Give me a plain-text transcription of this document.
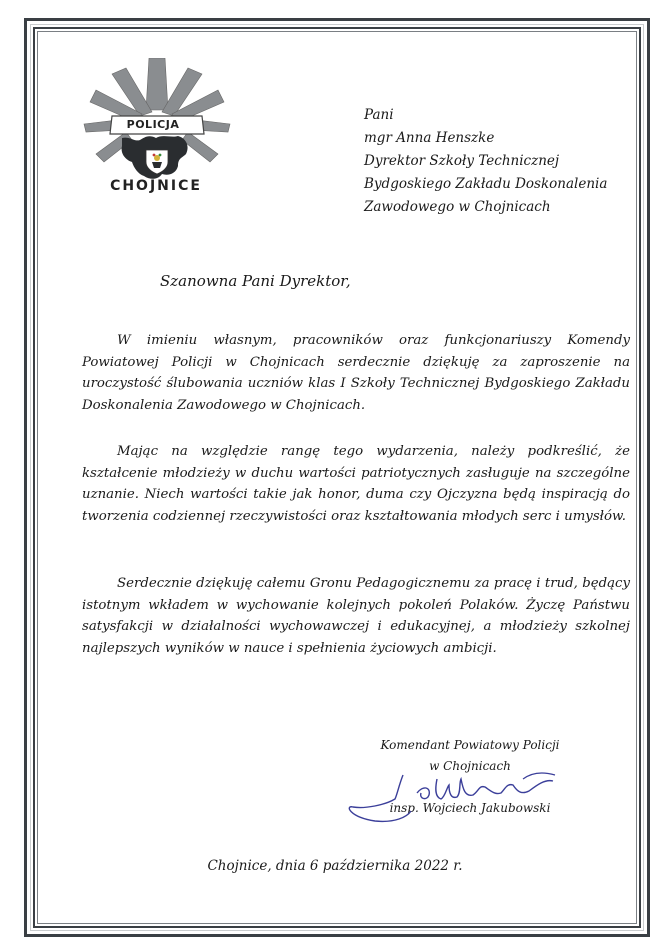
POLICJA
CHOJNICE
Pani
mgr Anna Henszke
Dyrektor Szkoły Technicznej
Bydgoskiego Zakładu Doskonalenia
Zawodowego w Chojnicach
Szanowna Pani Dyrektor,

W imieniu własnym, pracowników oraz funkcjonariuszy Komendy Powiatowej Policji w Chojnicach serdecznie dziękuję za zaproszenie na uroczystość ślubowania uczniów klas I Szkoły Technicznej Bydgoskiego Zakładu Doskonalenia Zawodowego w Chojnicach.

Mając na względzie rangę tego wydarzenia, należy podkreślić, że kształcenie młodzieży w duchu wartości patriotycznych zasługuje na szczególne uznanie. Niech wartości takie jak honor, duma czy Ojczyzna będą inspiracją do tworzenia codziennej rzeczywistości oraz kształtowania młodych serc i umysłów.

Serdecznie dziękuję całemu Gronu Pedagogicznemu za pracę i trud, będący istotnym wkładem w wychowanie kolejnych pokoleń Polaków. Życzę Państwu satysfakcji w działalności wychowawczej i edukacyjnej, a młodzieży szkolnej najlepszych wyników w nauce i spełnienia życiowych ambicji.

Komendant Powiatowy Policji
w Chojnicach
insp. Wojciech Jakubowski
Chojnice, dnia 6 października 2022 r.
